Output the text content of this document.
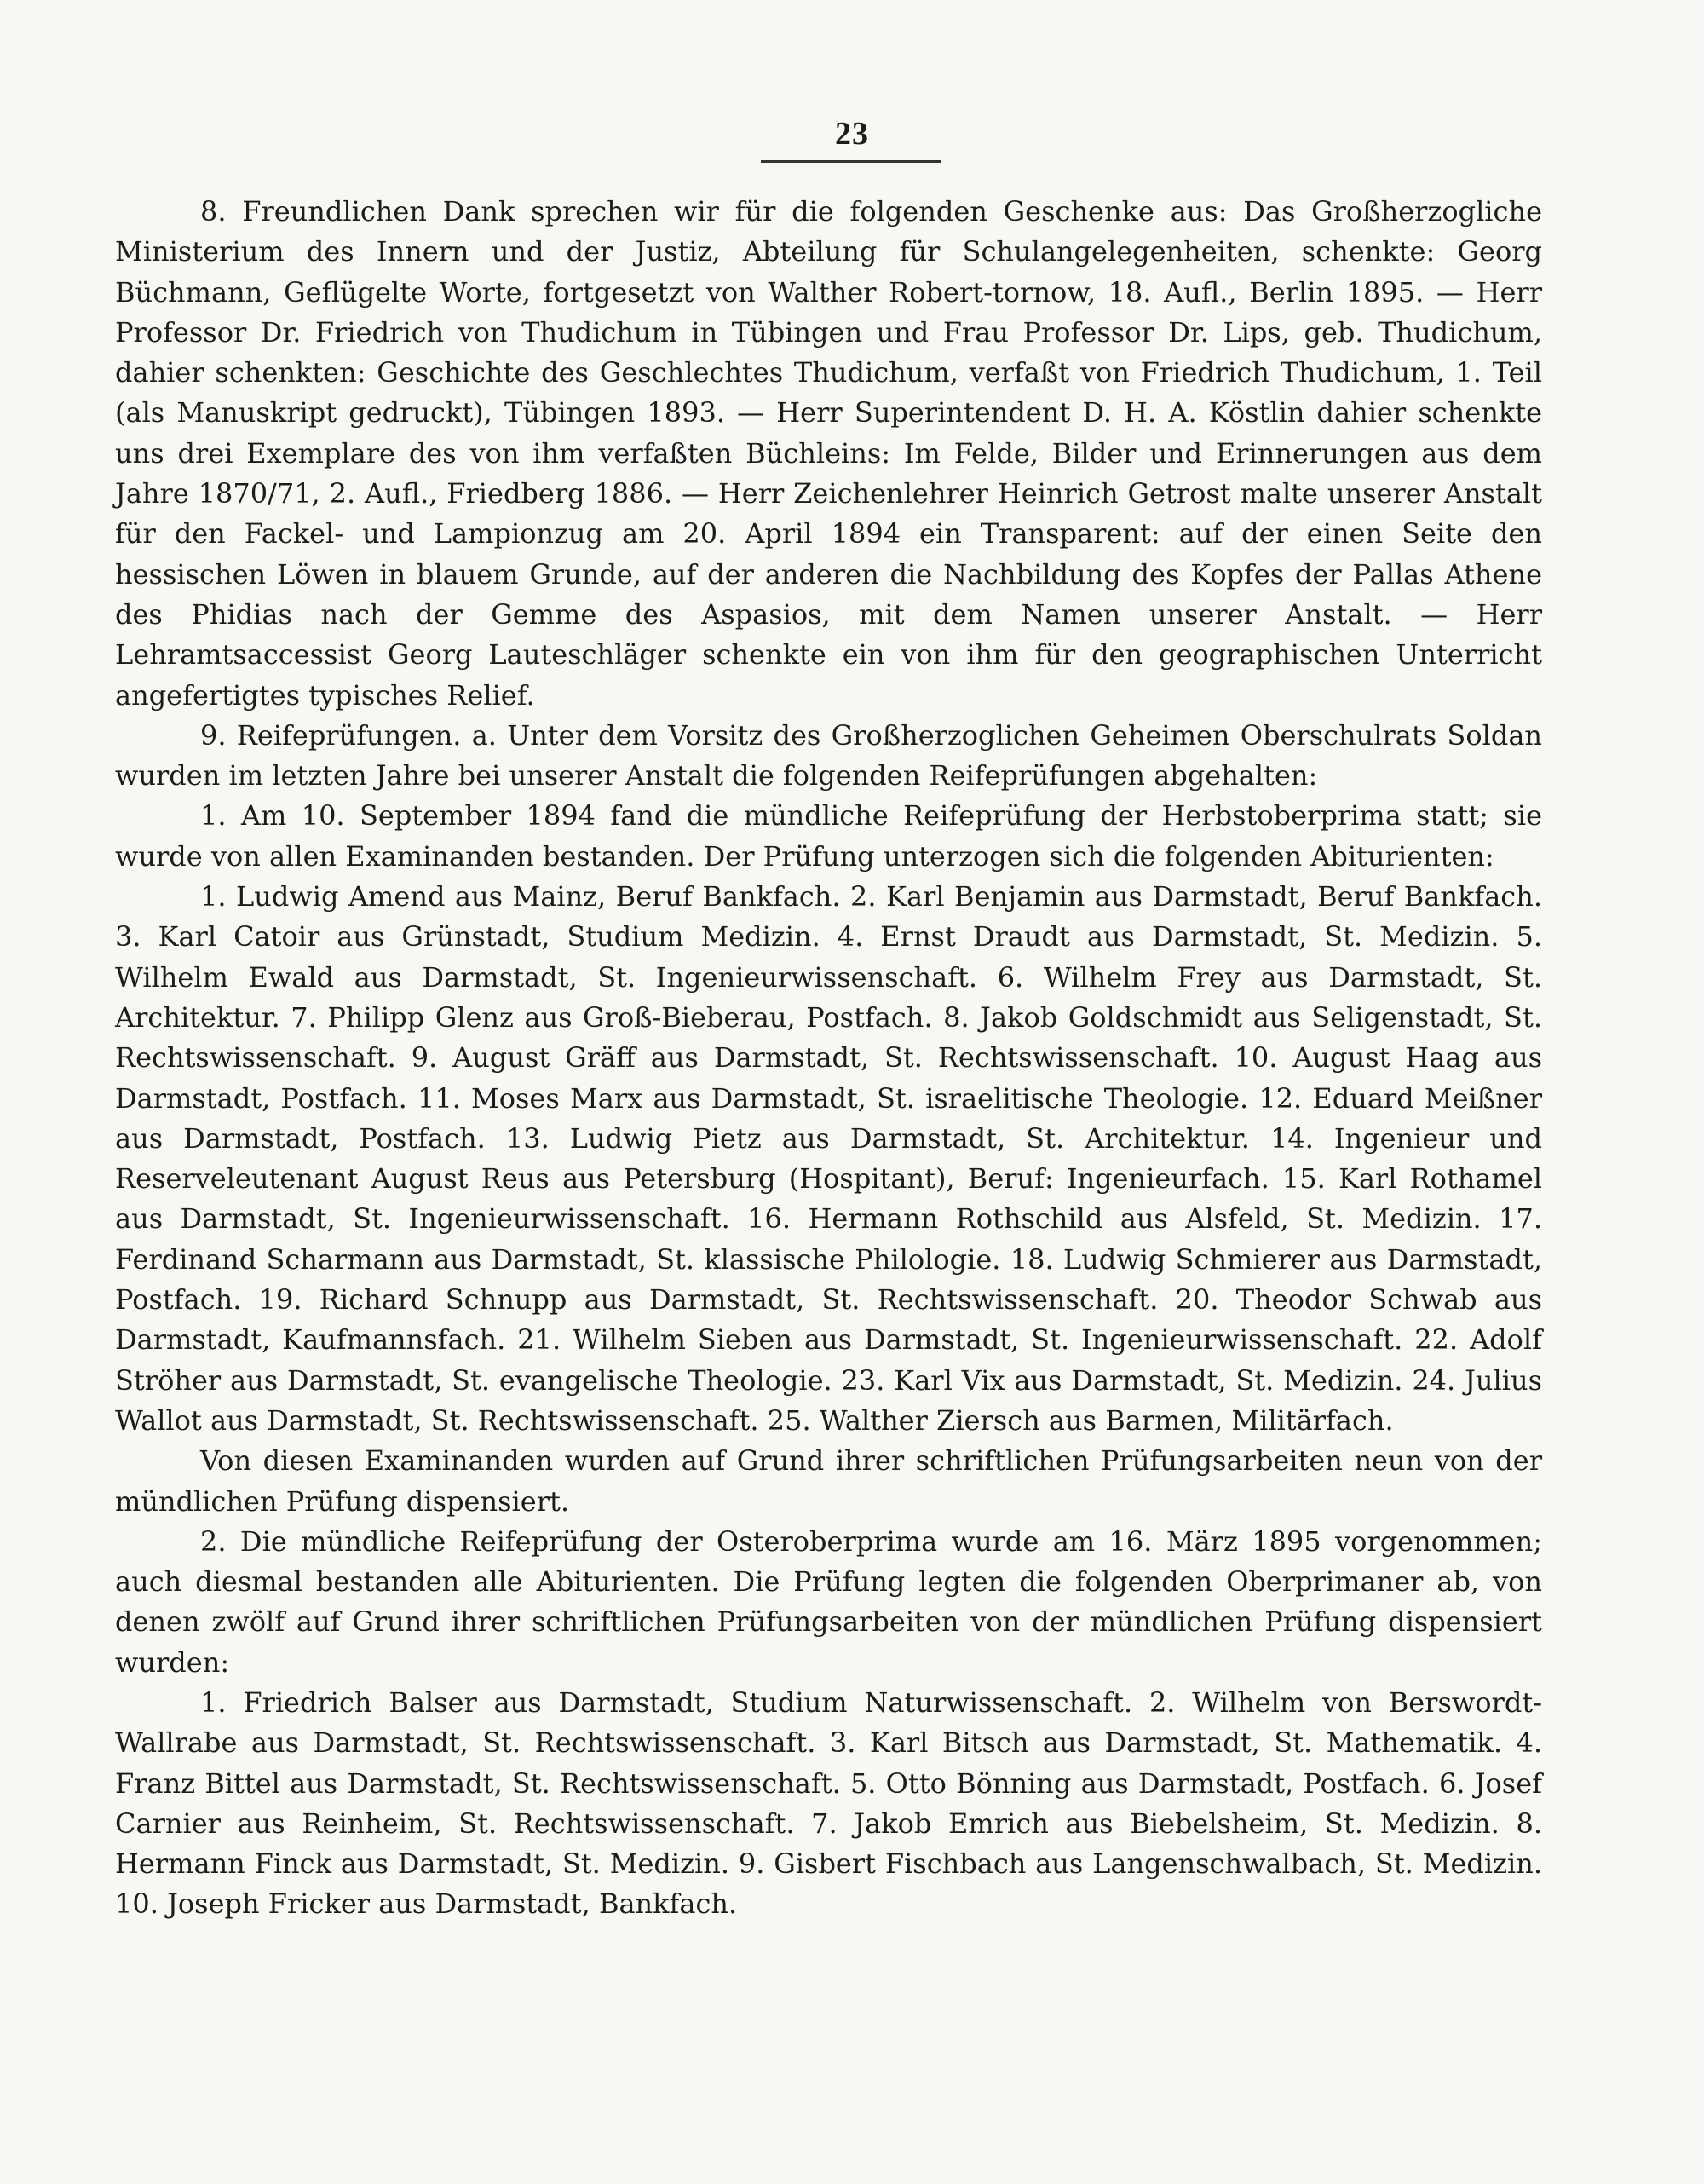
23

8. Freundlichen Dank sprechen wir für die folgenden Geschenke aus: Das Großherzogliche Ministerium des Innern und der Justiz, Abteilung für Schulangelegenheiten, schenkte: Georg Büchmann, Geflügelte Worte, fortgesetzt von Walther Robert-tornow, 18. Aufl., Berlin 1895. — Herr Professor Dr. Friedrich von Thudichum in Tübingen und Frau Professor Dr. Lips, geb. Thudichum, dahier schenkten: Geschichte des Geschlechtes Thudichum, verfaßt von Friedrich Thudichum, 1. Teil (als Manuskript gedruckt), Tübingen 1893. — Herr Superintendent D. H. A. Köstlin dahier schenkte uns drei Exemplare des von ihm verfaßten Büchleins: Im Felde, Bilder und Erinnerungen aus dem Jahre 1870/71, 2. Aufl., Friedberg 1886. — Herr Zeichenlehrer Heinrich Getrost malte unserer Anstalt für den Fackel- und Lampionzug am 20. April 1894 ein Transparent: auf der einen Seite den hessischen Löwen in blauem Grunde, auf der anderen die Nachbildung des Kopfes der Pallas Athene des Phidias nach der Gemme des Aspasios, mit dem Namen unserer Anstalt. — Herr Lehramtsaccessist Georg Lauteschläger schenkte ein von ihm für den geographischen Unterricht angefertigtes typisches Relief.

9. Reifeprüfungen. a. Unter dem Vorsitz des Großherzoglichen Geheimen Oberschulrats Soldan wurden im letzten Jahre bei unserer Anstalt die folgenden Reifeprüfungen abgehalten:

1. Am 10. September 1894 fand die mündliche Reifeprüfung der Herbstoberprima statt; sie wurde von allen Examinanden bestanden. Der Prüfung unterzogen sich die folgenden Abiturienten:

1. Ludwig Amend aus Mainz, Beruf Bankfach. 2. Karl Benjamin aus Darmstadt, Beruf Bankfach. 3. Karl Catoir aus Grünstadt, Studium Medizin. 4. Ernst Draudt aus Darmstadt, St. Medizin. 5. Wilhelm Ewald aus Darmstadt, St. Ingenieurwissenschaft. 6. Wilhelm Frey aus Darmstadt, St. Architektur. 7. Philipp Glenz aus Groß-Bieberau, Postfach. 8. Jakob Goldschmidt aus Seligenstadt, St. Rechtswissenschaft. 9. August Gräff aus Darmstadt, St. Rechtswissenschaft. 10. August Haag aus Darmstadt, Postfach. 11. Moses Marx aus Darmstadt, St. israelitische Theologie. 12. Eduard Meißner aus Darmstadt, Postfach. 13. Ludwig Pietz aus Darmstadt, St. Architektur. 14. Ingenieur und Reserveleutenant August Reus aus Petersburg (Hospitant), Beruf: Ingenieurfach. 15. Karl Rothamel aus Darmstadt, St. Ingenieurwissenschaft. 16. Hermann Rothschild aus Alsfeld, St. Medizin. 17. Ferdinand Scharmann aus Darmstadt, St. klassische Philologie. 18. Ludwig Schmierer aus Darmstadt, Postfach. 19. Richard Schnupp aus Darmstadt, St. Rechtswissenschaft. 20. Theodor Schwab aus Darmstadt, Kaufmannsfach. 21. Wilhelm Sieben aus Darmstadt, St. Ingenieurwissenschaft. 22. Adolf Ströher aus Darmstadt, St. evangelische Theologie. 23. Karl Vix aus Darmstadt, St. Medizin. 24. Julius Wallot aus Darmstadt, St. Rechtswissenschaft. 25. Walther Ziersch aus Barmen, Militärfach.

Von diesen Examinanden wurden auf Grund ihrer schriftlichen Prüfungsarbeiten neun von der mündlichen Prüfung dispensiert.

2. Die mündliche Reifeprüfung der Osteroberprima wurde am 16. März 1895 vorgenommen; auch diesmal bestanden alle Abiturienten. Die Prüfung legten die folgenden Oberprimaner ab, von denen zwölf auf Grund ihrer schriftlichen Prüfungsarbeiten von der mündlichen Prüfung dispensiert wurden:

1. Friedrich Balser aus Darmstadt, Studium Naturwissenschaft. 2. Wilhelm von Berswordt-Wallrabe aus Darmstadt, St. Rechtswissenschaft. 3. Karl Bitsch aus Darmstadt, St. Mathematik. 4. Franz Bittel aus Darmstadt, St. Rechtswissenschaft. 5. Otto Bönning aus Darmstadt, Postfach. 6. Josef Carnier aus Reinheim, St. Rechtswissenschaft. 7. Jakob Emrich aus Biebelsheim, St. Medizin. 8. Hermann Finck aus Darmstadt, St. Medizin. 9. Gisbert Fischbach aus Langenschwalbach, St. Medizin. 10. Joseph Fricker aus Darmstadt, Bankfach.
